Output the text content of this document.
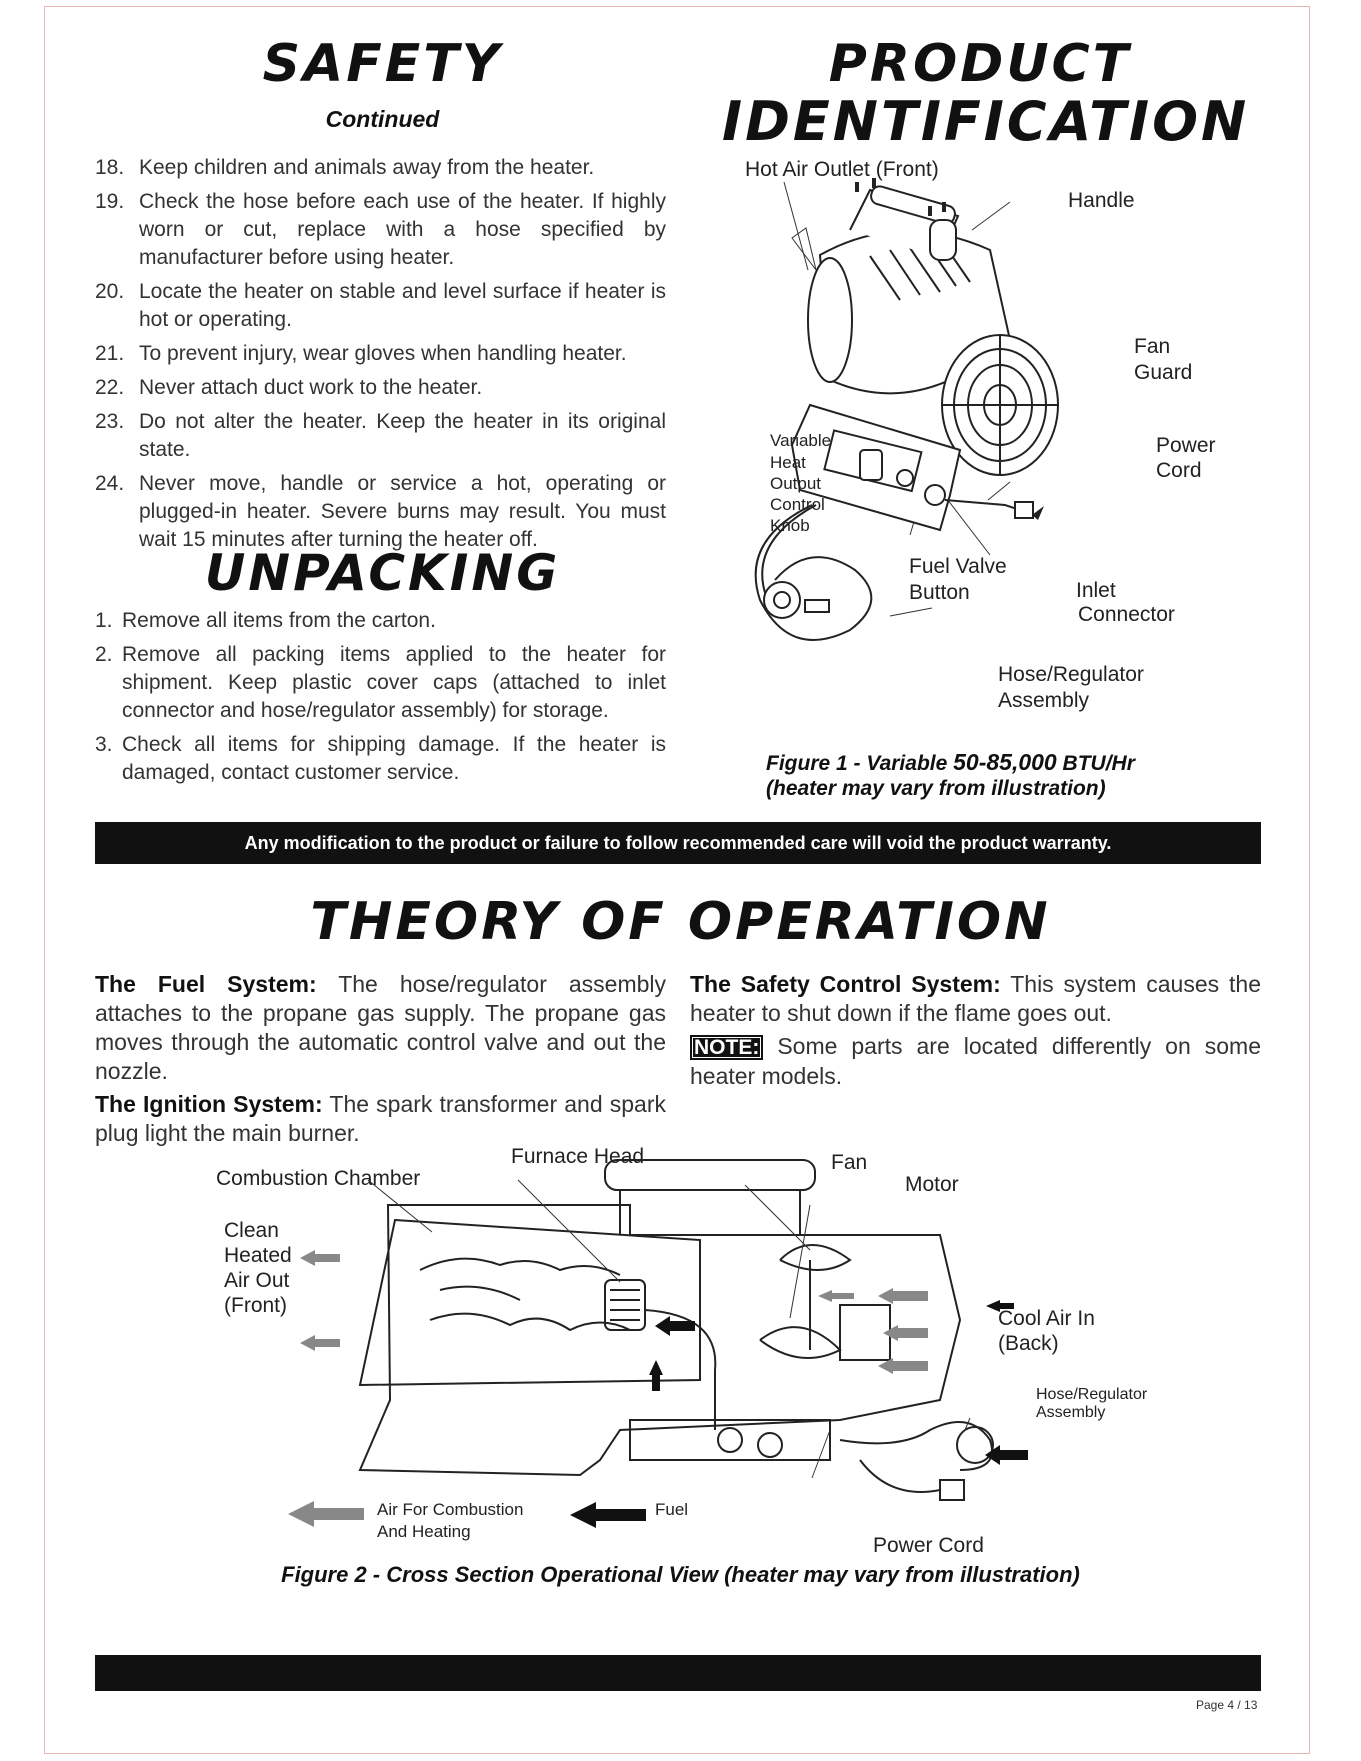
SAFETY
Continued
18. Keep children and animals away from the heater.
19. Check the hose before each use of the heater. If highly worn or cut, replace with a hose specified by manufacturer before using heater.
20. Locate the heater on stable and level surface if heater is hot or operating.
21. To prevent injury, wear gloves when handling heater.
22. Never attach duct work to the heater.
23. Do not alter the heater. Keep the heater in its original state.
24. Never move, handle or service a hot, operating or plugged-in heater. Severe burns may result. You must wait 15 minutes after turning the heater off.
UNPACKING
1. Remove all items from the carton.
2. Remove all packing items applied to the heater for shipment. Keep plastic cover caps (attached to inlet connector and hose/regulator assembly) for storage.
3. Check all items for shipping damage. If the heater is damaged, contact customer service.
PRODUCT
IDENTIFICATION
Hot Air Outlet (Front)
Handle
Fan
Guard
Power
Cord
Variable
Heat
Output
Control
Knob
Fuel Valve
Button	Inlet
Connector
Hose/Regulator
Assembly
Figure 1 - Variable 50-85,000 BTU/Hr
(heater may vary from illustration)
Any modification to the product or failure to follow recommended care will void the product warranty.
THEORY OF OPERATION

The Fuel System: The hose/regulator assembly attaches to the propane gas supply. The propane gas moves through the automatic control valve and out the nozzle.

The Ignition System: The spark transformer and spark plug light the main burner.

The Safety Control System: This system causes the heater to shut down if the flame goes out.

NOTE: Some parts are located differently on some heater models.

Furnace Head
Combustion Chamber
Clean
Heated
Air Out
(Front)
Fan
Motor
Cool Air In
(Back)
Hose/Regulator
Assembly
Power Cord
Air For Combustion
And Heating
Fuel
Figure 2 - Cross Section Operational View (heater may vary from illustration)
Page 4 / 13
